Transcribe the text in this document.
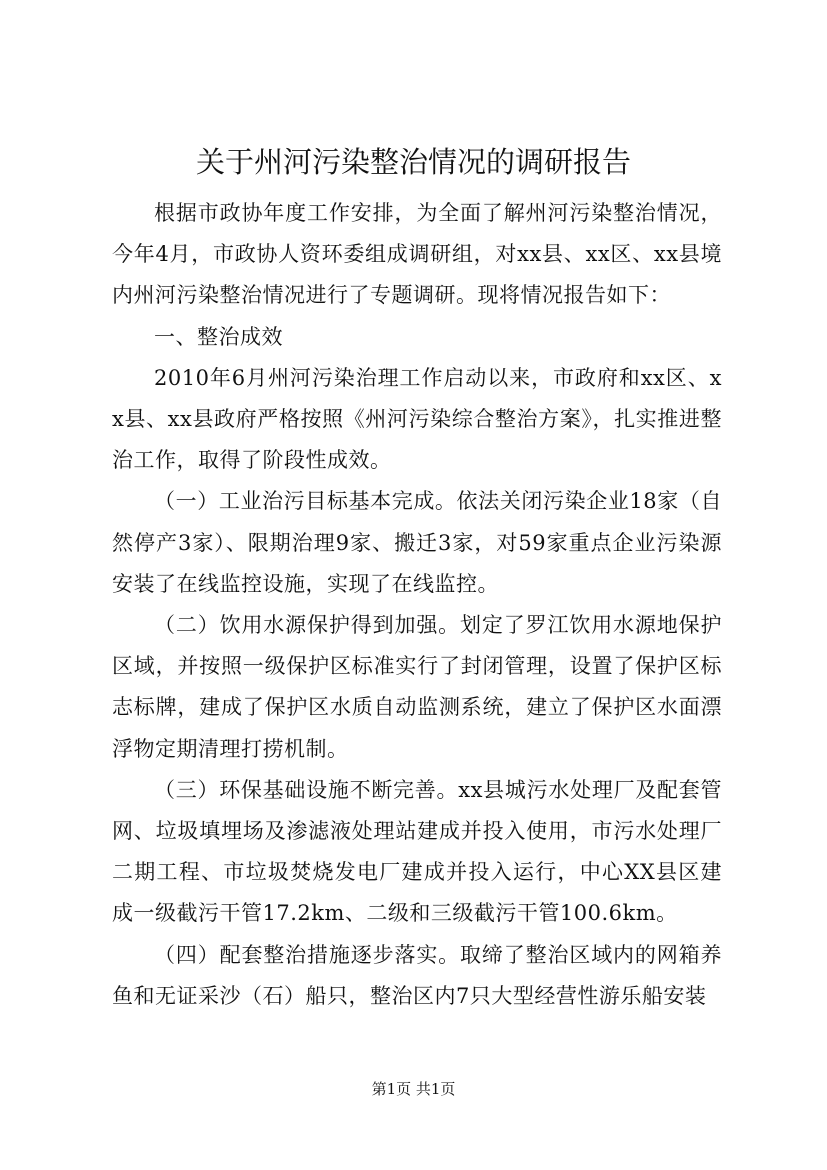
关于州河污染整治情况的调研报告

根据市政协年度工作安排，为全面了解州河污染整治情况，今年4月，市政协人资环委组成调研组，对xx县、xx区、xx县境内州河污染整治情况进行了专题调研。现将情况报告如下：

一、整治成效

2010年6月州河污染治理工作启动以来，市政府和xx区、xx县、xx县政府严格按照《州河污染综合整治方案》，扎实推进整治工作，取得了阶段性成效。

（一）工业治污目标基本完成。依法关闭污染企业18家（自然停产3家）、限期治理9家、搬迁3家，对59家重点企业污染源安装了在线监控设施，实现了在线监控。

（二）饮用水源保护得到加强。划定了罗江饮用水源地保护区域，并按照一级保护区标准实行了封闭管理，设置了保护区标志标牌，建成了保护区水质自动监测系统，建立了保护区水面漂浮物定期清理打捞机制。

（三）环保基础设施不断完善。xx县城污水处理厂及配套管网、垃圾填埋场及渗滤液处理站建成并投入使用，市污水处理厂二期工程、市垃圾焚烧发电厂建成并投入运行，中心XX县区建成一级截污干管17.2km、二级和三级截污干管100.6km。

（四）配套整治措施逐步落实。取缔了整治区域内的网箱养鱼和无证采沙（石）船只，整治区内7只大型经营性游乐船安装

第1页 共1页
